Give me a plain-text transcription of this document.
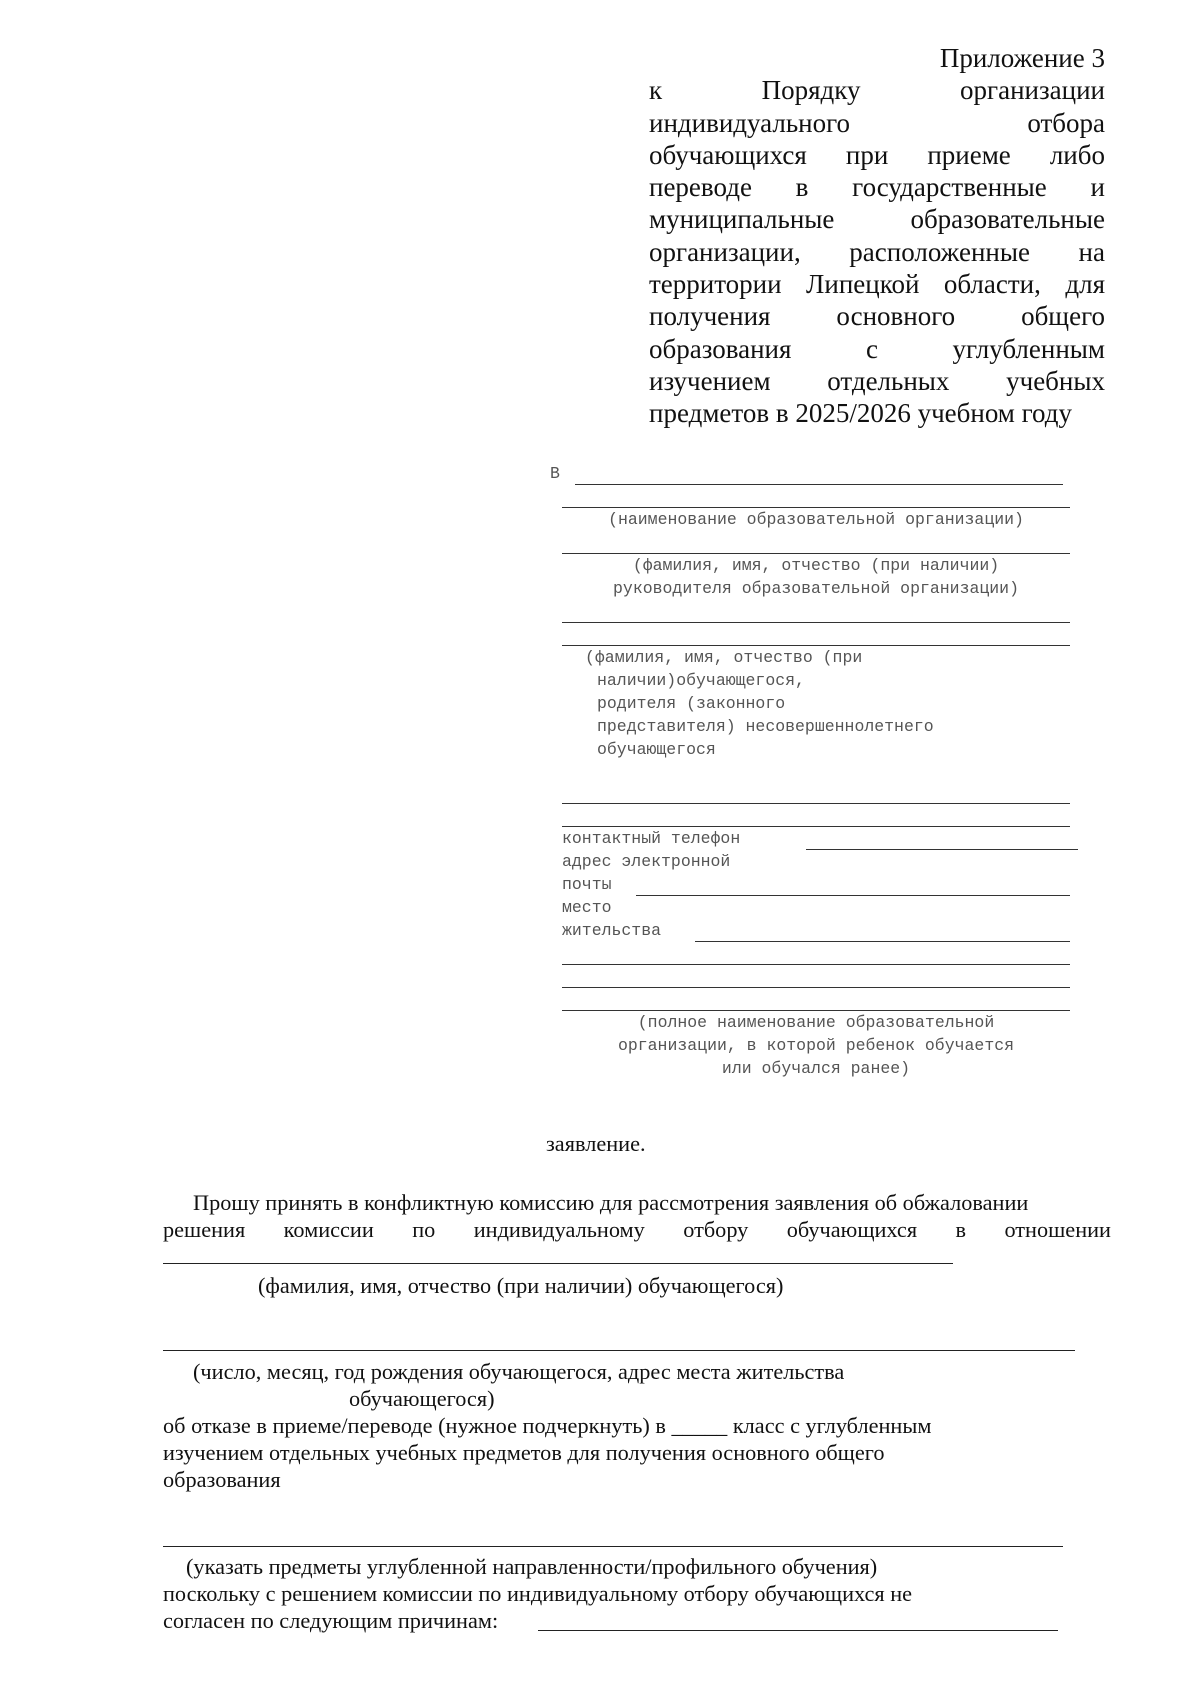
Приложение 3
к Порядку организации
индивидуального отбора
обучающихся при приеме либо
переводе в государственные и
муниципальные образовательные
организации, расположенные на
территории Липецкой области, для
получения основного общего
образования с углубленным
изучением отдельных учебных
предметов в 2025/2026 учебном году
В
(наименование образовательной организации)
(фамилия, имя, отчество (при наличии)
руководителя образовательной организации)
(фамилия, имя, отчество (при
наличии)обучающегося,
родителя (законного
представителя) несовершеннолетнего
обучающегося
контактный телефон
адрес электронной
почты
место
жительства
(полное наименование образовательной
организации, в которой ребенок обучается
или обучался ранее)
заявление.
Прошу принять в конфликтную комиссию для рассмотрения заявления об обжаловании
решения комиссии по индивидуальному отбору обучающихся в отношении
(фамилия, имя, отчество (при наличии) обучающегося)
(число, месяц, год рождения обучающегося, адрес места жительства
обучающегося)
об отказе в приеме/переводе (нужное подчеркнуть) в _____ класс с углубленным
изучением отдельных учебных предметов для получения основного общего
образования
(указать предметы углубленной направленности/профильного обучения)
поскольку с решением комиссии по индивидуальному отбору обучающихся не
согласен по следующим причинам:
